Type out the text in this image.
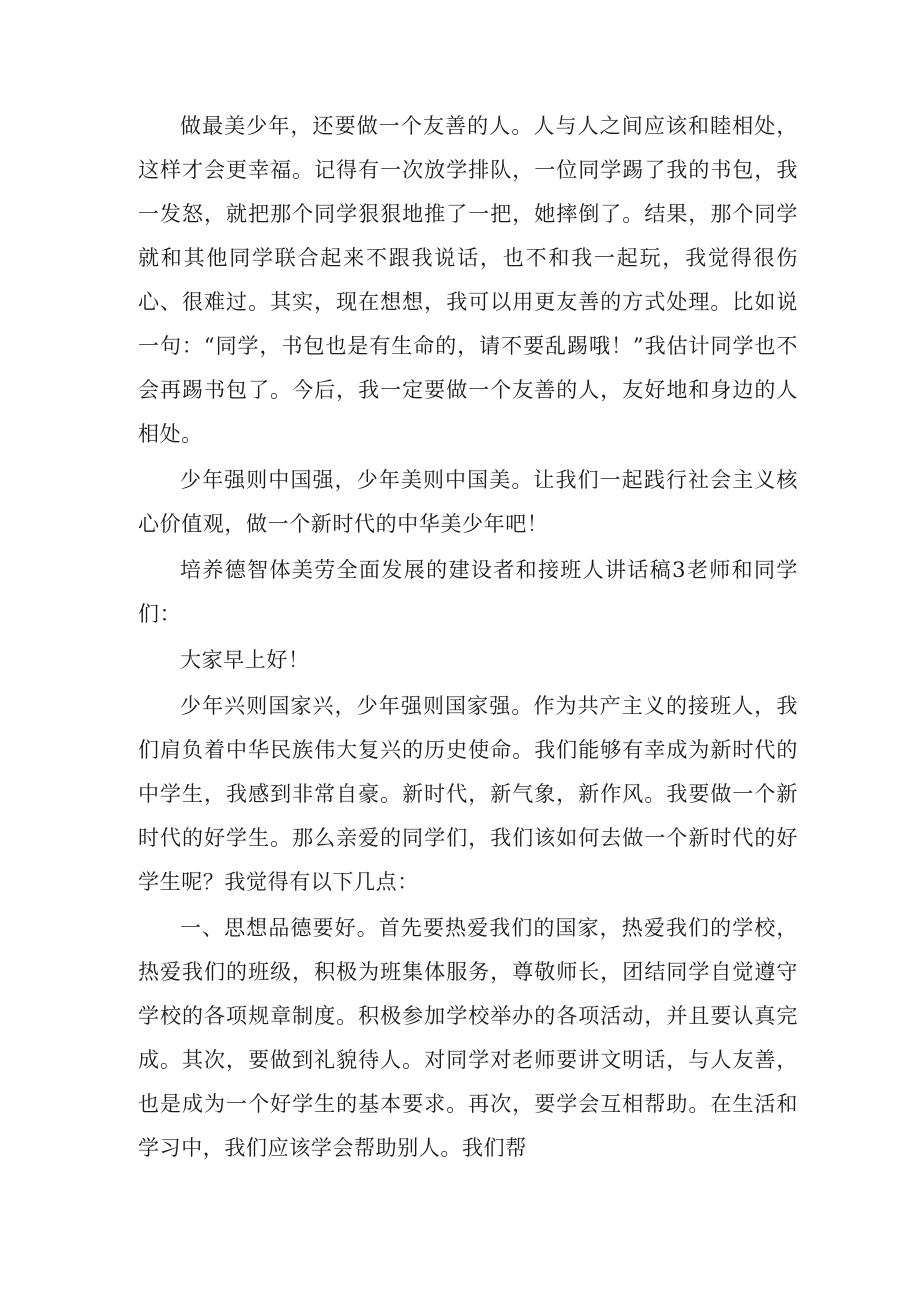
做最美少年，还要做一个友善的人。人与人之间应该和睦相处，这样才会更幸福。记得有一次放学排队，一位同学踢了我的书包，我一发怒，就把那个同学狠狠地推了一把，她摔倒了。结果，那个同学就和其他同学联合起来不跟我说话，也不和我一起玩，我觉得很伤心、很难过。其实，现在想想，我可以用更友善的方式处理。比如说一句：“同学，书包也是有生命的，请不要乱踢哦！”我估计同学也不会再踢书包了。今后，我一定要做一个友善的人，友好地和身边的人相处。

少年强则中国强，少年美则中国美。让我们一起践行社会主义核心价值观，做一个新时代的中华美少年吧！

培养德智体美劳全面发展的建设者和接班人讲话稿3老师和同学们：

大家早上好！

少年兴则国家兴，少年强则国家强。作为共产主义的接班人，我们肩负着中华民族伟大复兴的历史使命。我们能够有幸成为新时代的中学生，我感到非常自豪。新时代，新气象，新作风。我要做一个新时代的好学生。那么亲爱的同学们，我们该如何去做一个新时代的好学生呢？我觉得有以下几点：

一、思想品德要好。首先要热爱我们的国家，热爱我们的学校，热爱我们的班级，积极为班集体服务，尊敬师长，团结同学自觉遵守学校的各项规章制度。积极参加学校举办的各项活动，并且要认真完成。其次，要做到礼貌待人。对同学对老师要讲文明话，与人友善，也是成为一个好学生的基本要求。再次，要学会互相帮助。在生活和学习中，我们应该学会帮助别人。我们帮
